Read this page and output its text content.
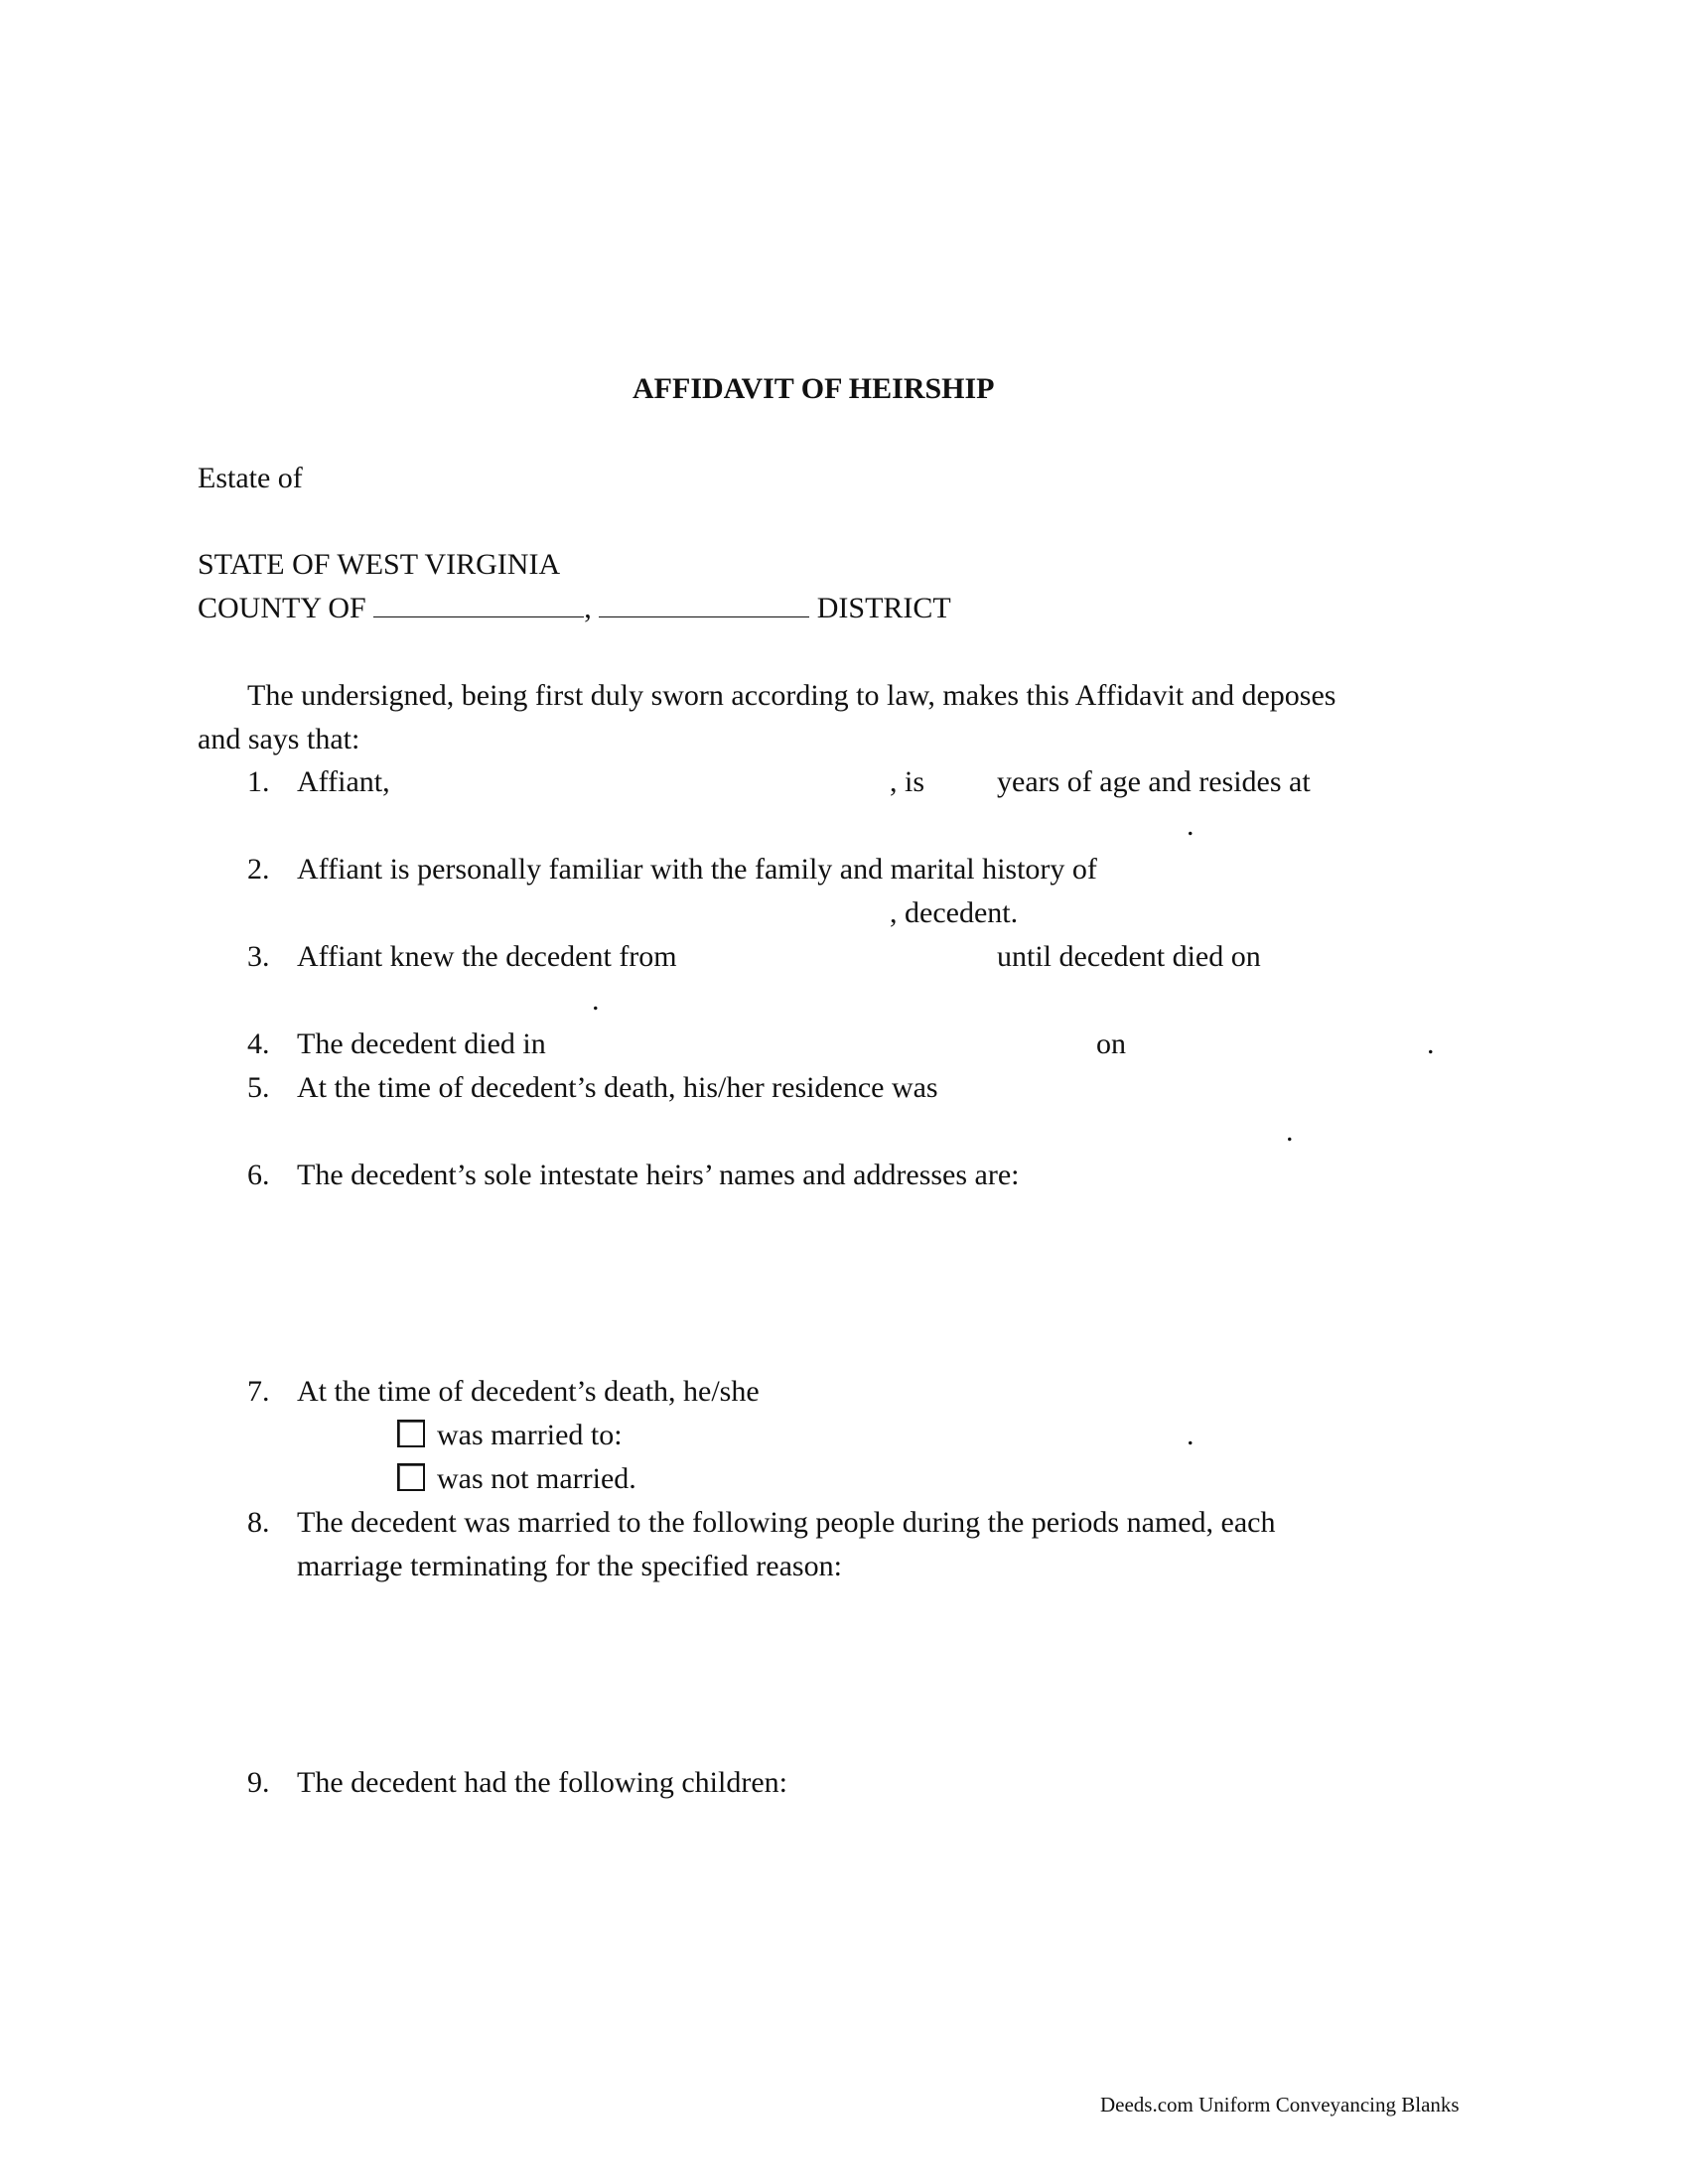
AFFIDAVIT OF HEIRSHIP
Estate of
STATE OF WEST VIRGINIA
COUNTY OF	,	DISTRICT
The undersigned, being first duly sworn according to law, makes this Affidavit and deposes
and says that:
1. Affiant,	, is years of age and resides at
.
2. Affiant is personally familiar with the family and marital history of
, decedent.
3. Affiant knew the decedent from	until decedent died on
.
4. The decedent died in	on	.
5. At the time of decedent’s death, his/her residence was
.
6. The decedent’s sole intestate heirs’ names and addresses are:
7. At the time of decedent’s death, he/she
was married to:	.
was not married.
8. The decedent was married to the following people during the periods named, each
marriage terminating for the specified reason:
9. The decedent had the following children:
Deeds.com Uniform Conveyancing Blanks
